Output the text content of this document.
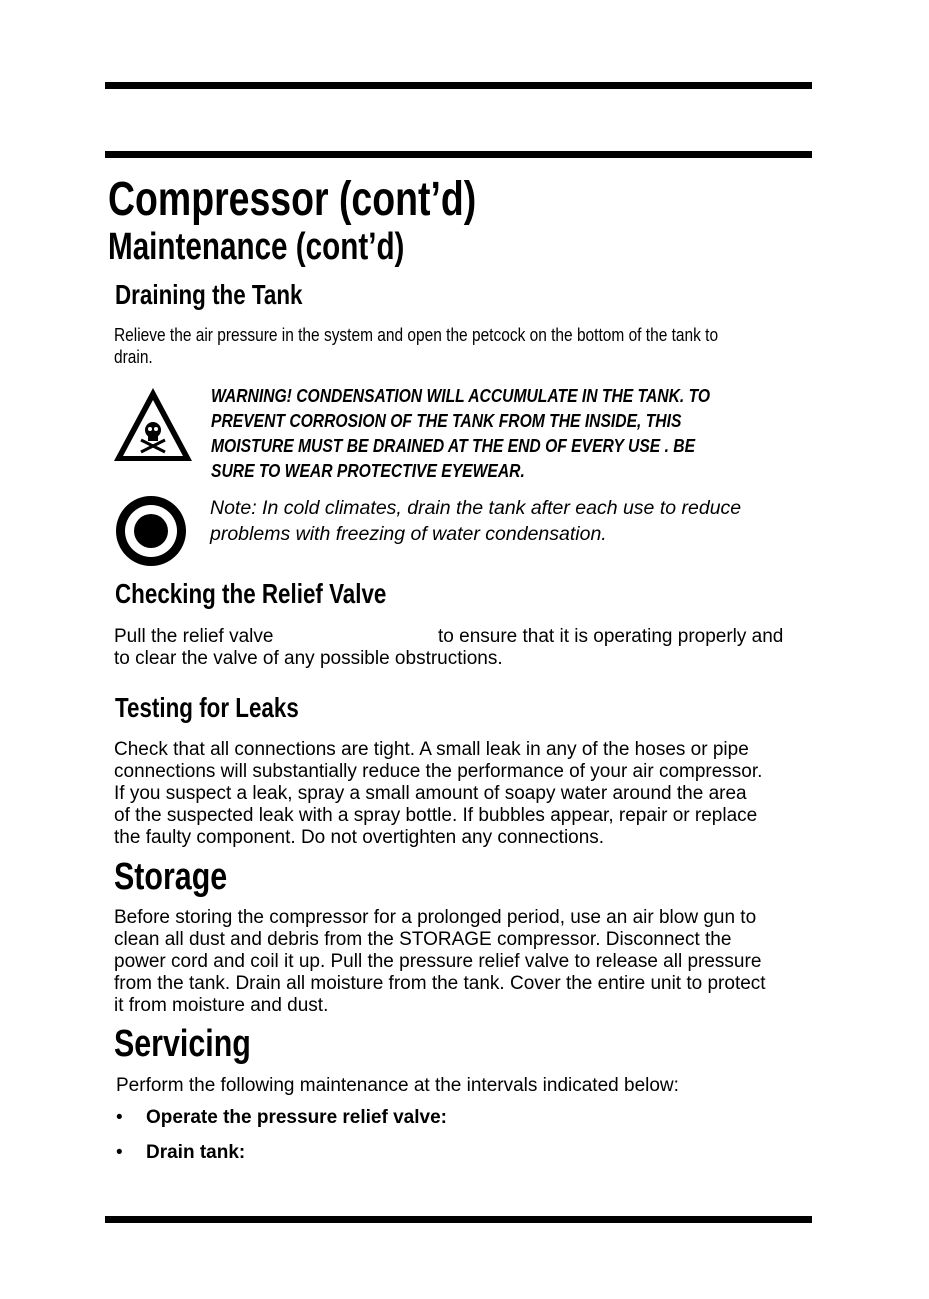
Compressor (cont’d)
Maintenance (cont’d)
Draining the Tank
Relieve the air pressure in the system and open the petcock on the bottom of the tank to
drain.
WARNING! CONDENSATION WILL ACCUMULATE IN THE TANK. TO
PREVENT CORROSION OF THE TANK FROM THE INSIDE, THIS
MOISTURE MUST BE DRAINED AT THE END OF EVERY USE . BE
SURE TO WEAR PROTECTIVE EYEWEAR.
Note: In cold climates, drain the tank after each use to reduce
problems with freezing of water condensation.
Checking the Relief Valve
Pull the relief valve	to ensure that it is operating properly and
to clear the valve of any possible obstructions.
Testing for Leaks
Check that all connections are tight. A small leak in any of the hoses or pipe
connections will substantially reduce the performance of your air compressor.
If you suspect a leak, spray a small amount of soapy water around the area
of the suspected leak with a spray bottle. If bubbles appear, repair or replace
the faulty component. Do not overtighten any connections.
Storage
Before storing the compressor for a prolonged period, use an air blow gun to
clean all dust and debris from the STORAGE compressor. Disconnect the
power cord and coil it up. Pull the pressure relief valve to release all pressure
from the tank. Drain all moisture from the tank. Cover the entire unit to protect
it from moisture and dust.
Servicing
Perform the following maintenance at the intervals indicated below:
• Operate the pressure relief valve:
• Drain tank:
